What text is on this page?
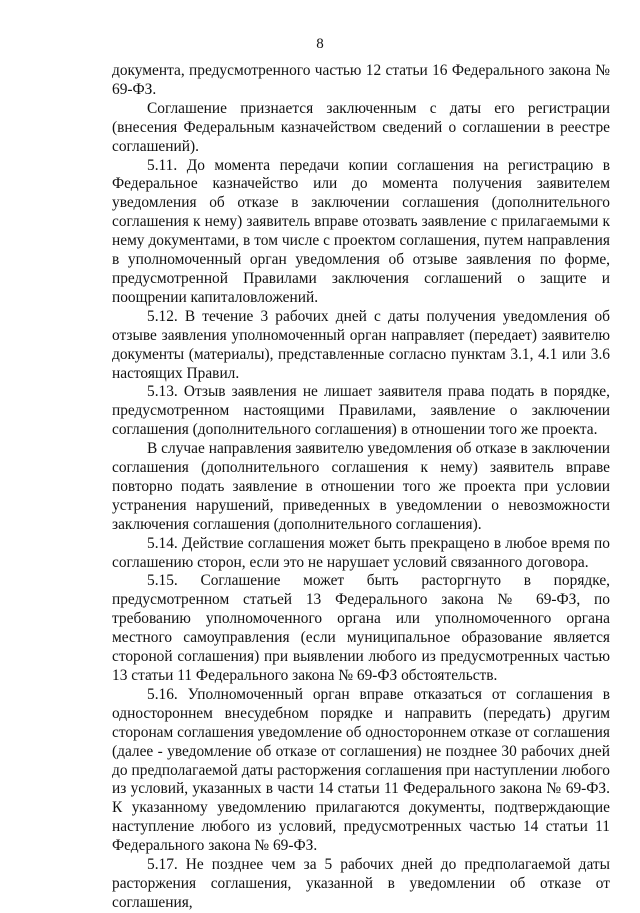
8

документа, предусмотренного частью 12 статьи 16 Федерального закона № 69-ФЗ.

Соглашение признается заключенным с даты его регистрации (внесения Федеральным казначейством сведений о соглашении в реестре соглашений).

5.11. До момента передачи копии соглашения на регистрацию в Федеральное казначейство или до момента получения заявителем уведомления об отказе в заключении соглашения (дополнительного соглашения к нему) заявитель вправе отозвать заявление с прилагаемыми к нему документами, в том числе с проектом соглашения, путем направления в уполномоченный орган уведомления об отзыве заявления по форме, предусмотренной Правилами заключения соглашений о защите и поощрении капиталовложений.

5.12. В течение 3 рабочих дней с даты получения уведомления об отзыве заявления уполномоченный орган направляет (передает) заявителю документы (материалы), представленные согласно пунктам 3.1, 4.1 или 3.6 настоящих Правил.

5.13. Отзыв заявления не лишает заявителя права подать в порядке, предусмотренном настоящими Правилами, заявление о заключении соглашения (дополнительного соглашения) в отношении того же проекта.

В случае направления заявителю уведомления об отказе в заключении соглашения (дополнительного соглашения к нему) заявитель вправе повторно подать заявление в отношении того же проекта при условии устранения нарушений, приведенных в уведомлении о невозможности заключения соглашения (дополнительного соглашения).

5.14. Действие соглашения может быть прекращено в любое время по соглашению сторон, если это не нарушает условий связанного договора.

5.15. Соглашение может быть расторгнуто в порядке, предусмотренном статьей 13 Федерального закона № 69-ФЗ, по требованию уполномоченного органа или уполномоченного органа местного самоуправления (если муниципальное образование является стороной соглашения) при выявлении любого из предусмотренных частью 13 статьи 11 Федерального закона № 69-ФЗ обстоятельств.

5.16. Уполномоченный орган вправе отказаться от соглашения в одностороннем внесудебном порядке и направить (передать) другим сторонам соглашения уведомление об одностороннем отказе от соглашения (далее - уведомление об отказе от соглашения) не позднее 30 рабочих дней до предполагаемой даты расторжения соглашения при наступлении любого из условий, указанных в части 14 статьи 11 Федерального закона № 69-ФЗ. К указанному уведомлению прилагаются документы, подтверждающие наступление любого из условий, предусмотренных частью 14 статьи 11 Федерального закона № 69-ФЗ.

5.17. Не позднее чем за 5 рабочих дней до предполагаемой даты расторжения соглашения, указанной в уведомлении об отказе от соглашения,
